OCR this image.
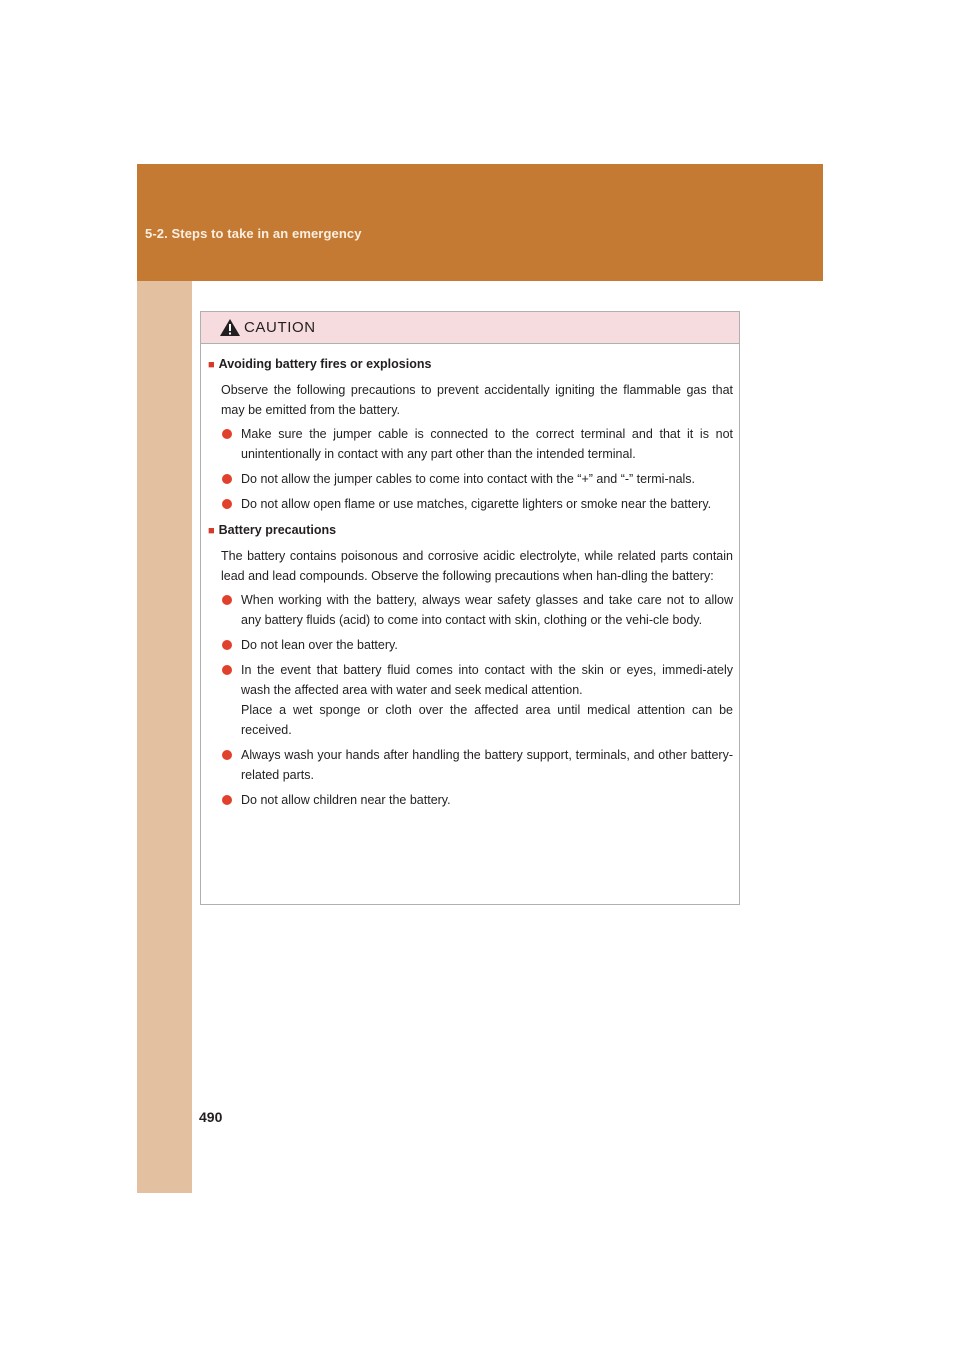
5-2. Steps to take in an emergency
490
CAUTION
■ Avoiding battery fires or explosions

Observe the following precautions to prevent accidentally igniting the flammable gas that may be emitted from the battery.

Make sure the jumper cable is connected to the correct terminal and that it is not unintentionally in contact with any part other than the intended terminal.
Do not allow the jumper cables to come into contact with the “+” and “-” termi-nals.
Do not allow open flame or use matches, cigarette lighters or smoke near the battery.
■ Battery precautions

The battery contains poisonous and corrosive acidic electrolyte, while related parts contain lead and lead compounds. Observe the following precautions when han-dling the battery:

When working with the battery, always wear safety glasses and take care not to allow any battery fluids (acid) to come into contact with skin, clothing or the vehi-cle body.
Do not lean over the battery.
In the event that battery fluid comes into contact with the skin or eyes, immedi-ately wash the affected area with water and seek medical attention.
Place a wet sponge or cloth over the affected area until medical attention can be received.
Always wash your hands after handling the battery support, terminals, and other battery-related parts.
Do not allow children near the battery.
